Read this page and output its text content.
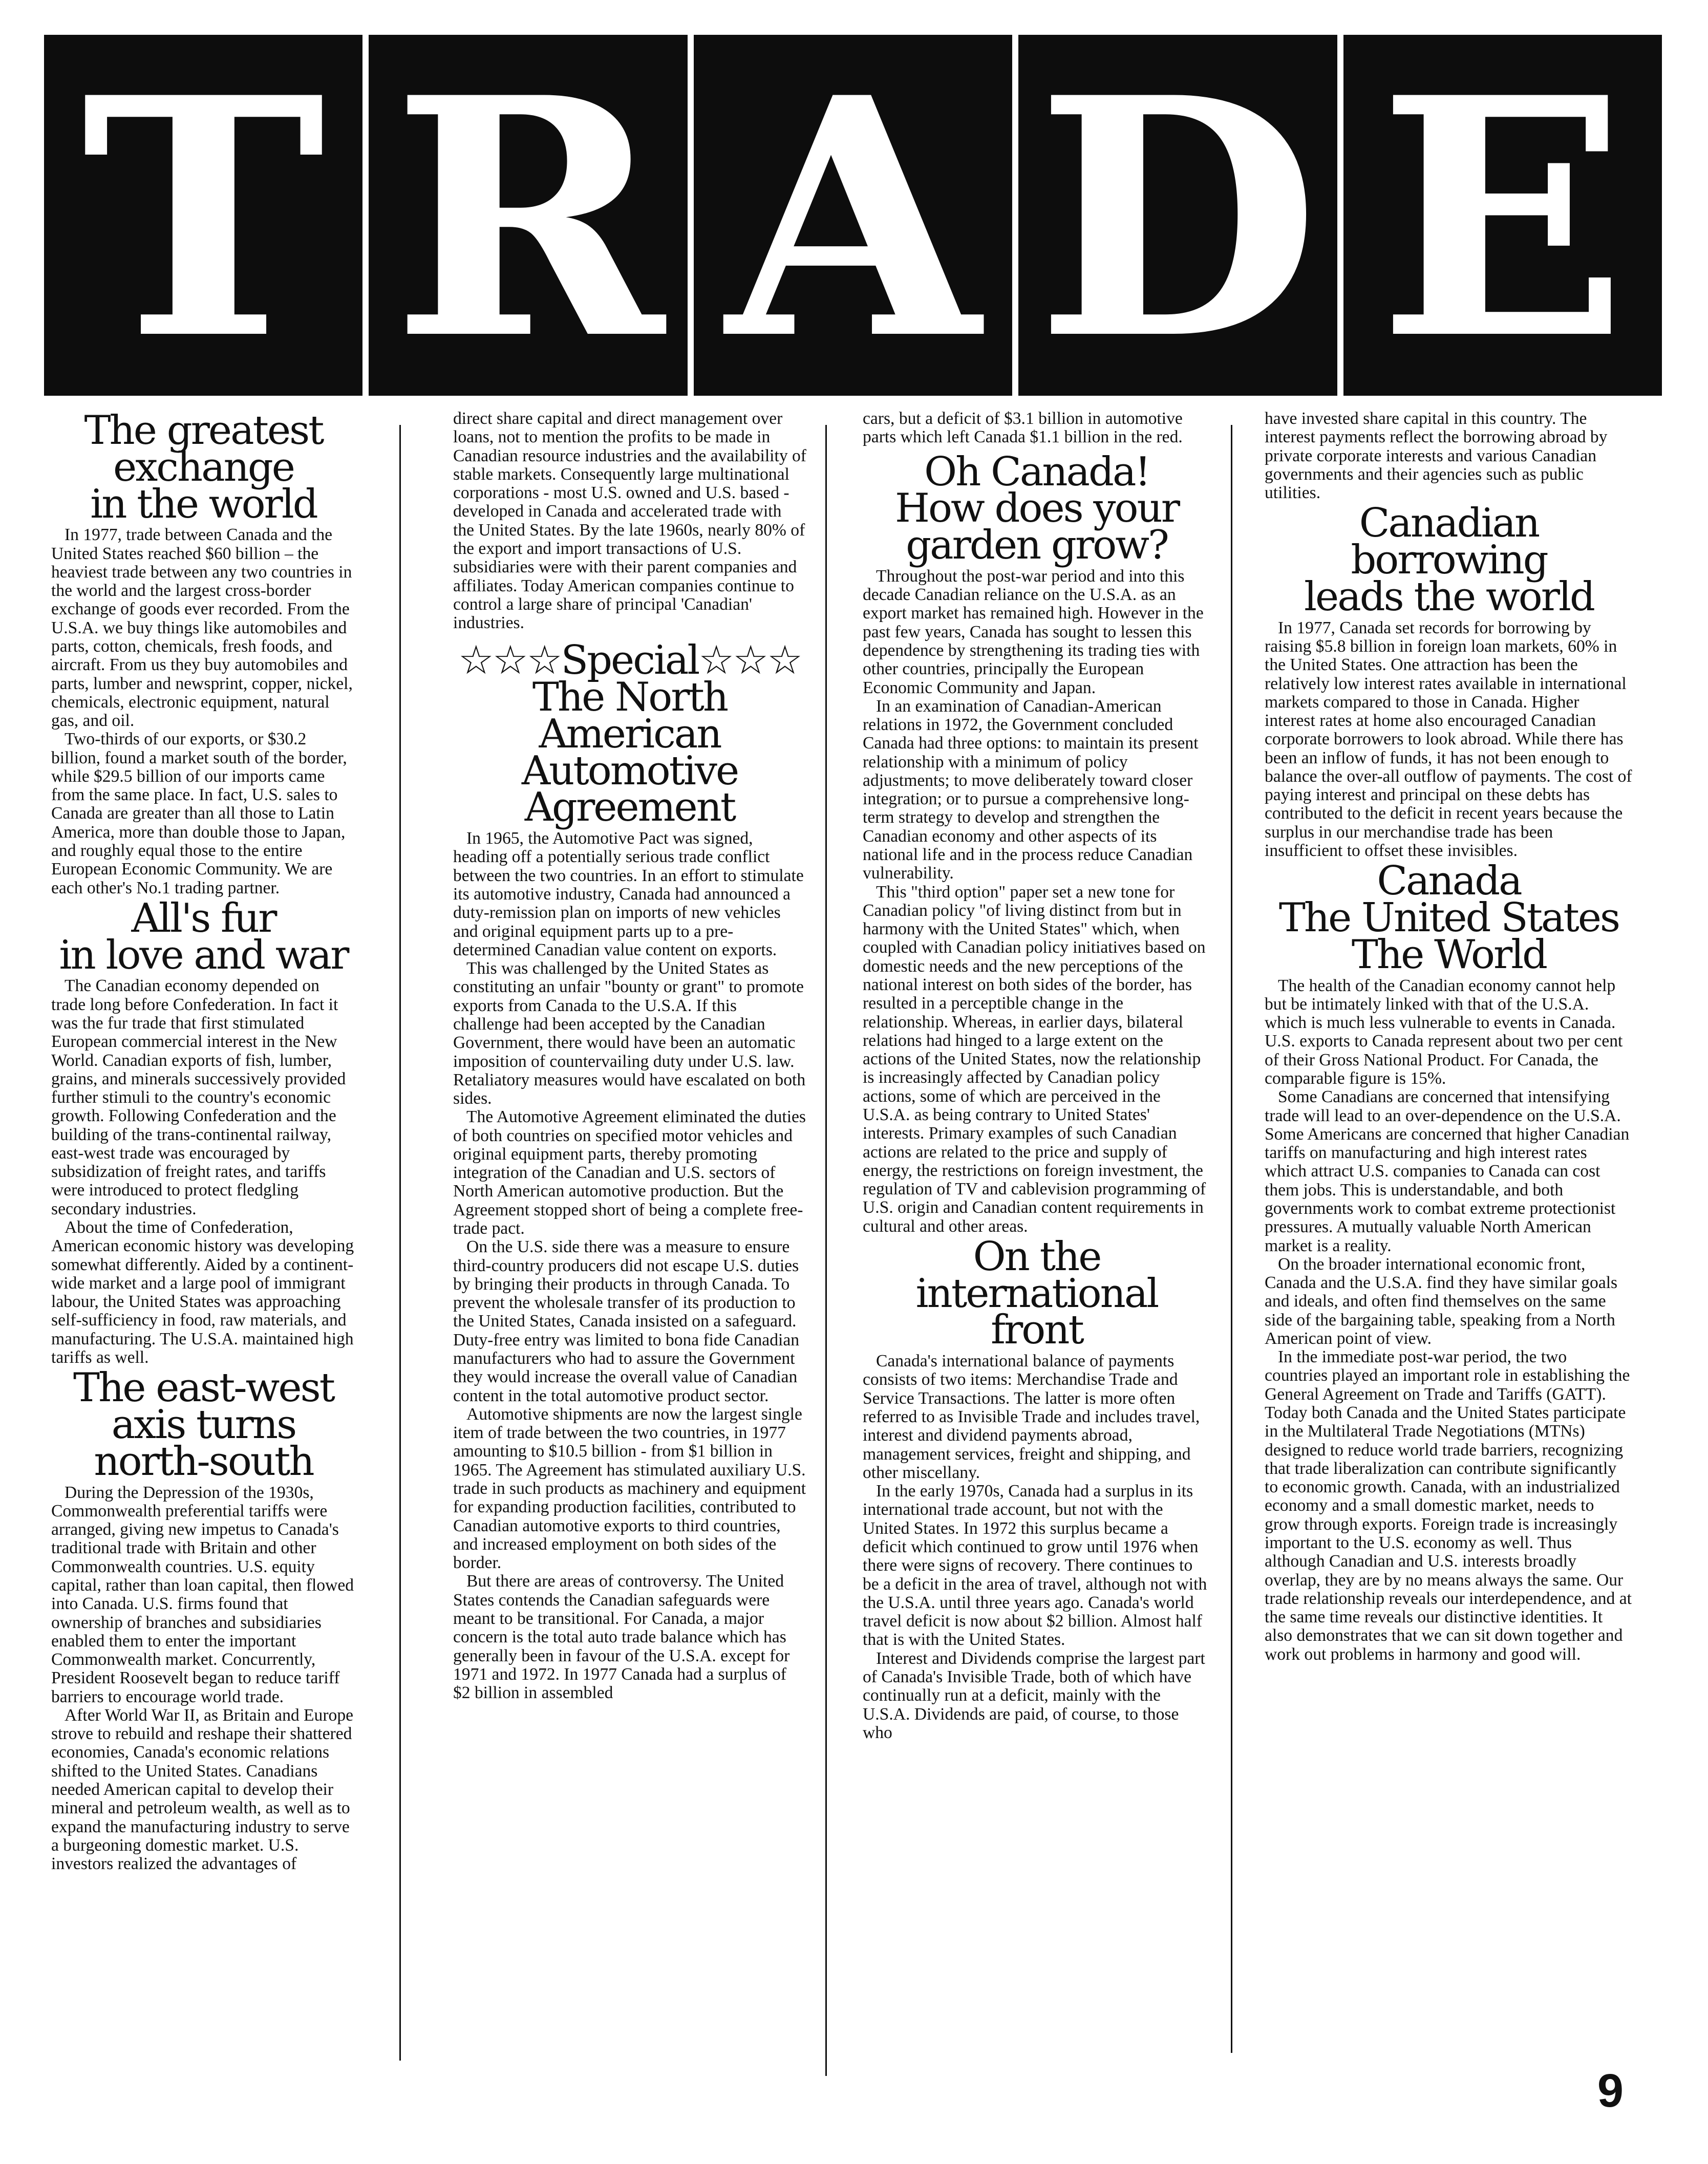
T R A D E
The greatest
exchange
in the world
In 1977, trade between Canada and the United States reached $60 billion – the heaviest trade between any two countries in the world and the largest cross-border exchange of goods ever recorded. From the U.S.A. we buy things like automobiles and parts, cotton, chemicals, fresh foods, and aircraft. From us they buy automobiles and parts, lumber and newsprint, copper, nickel, chemicals, electronic equipment, natural gas, and oil.
Two-thirds of our exports, or $30.2 billion, found a market south of the border, while $29.5 billion of our imports came from the same place. In fact, U.S. sales to Canada are greater than all those to Latin America, more than double those to Japan, and roughly equal those to the entire European Economic Community. We are each other's No.1 trading partner.
All's fur
in love and war
The Canadian economy depended on trade long before Confederation. In fact it was the fur trade that first stimulated European commercial interest in the New World. Canadian exports of fish, lumber, grains, and minerals successively provided further stimuli to the country's economic growth. Following Confederation and the building of the trans-continental railway, east-west trade was encouraged by subsidization of freight rates, and tariffs were introduced to protect fledgling secondary industries.
About the time of Confederation, American economic history was developing somewhat differently. Aided by a continent-wide market and a large pool of immigrant labour, the United States was approaching self-sufficiency in food, raw materials, and manufacturing. The U.S.A. maintained high tariffs as well.
The east-west
axis turns
north-south
During the Depression of the 1930s, Commonwealth preferential tariffs were arranged, giving new impetus to Canada's traditional trade with Britain and other Commonwealth countries. U.S. equity capital, rather than loan capital, then flowed into Canada. U.S. firms found that ownership of branches and subsidiaries enabled them to enter the important Commonwealth market. Concurrently, President Roosevelt began to reduce tariff barriers to encourage world trade.
After World War II, as Britain and Europe strove to rebuild and reshape their shattered economies, Canada's economic relations shifted to the United States. Canadians needed American capital to develop their mineral and petroleum wealth, as well as to expand the manufacturing industry to serve a burgeoning domestic market. U.S. investors realized the advantages of
direct share capital and direct management over loans, not to mention the profits to be made in Canadian resource industries and the availability of stable markets. Consequently large multinational corporations - most U.S. owned and U.S. based - developed in Canada and accelerated trade with the United States. By the late 1960s, nearly 80% of the export and import transactions of U.S. subsidiaries were with their parent companies and affiliates. Today American companies continue to control a large share of principal 'Canadian' industries.
☆☆☆Special☆☆☆
The North
American
Automotive
Agreement
In 1965, the Automotive Pact was signed, heading off a potentially serious trade conflict between the two countries. In an effort to stimulate its automotive industry, Canada had announced a duty-remission plan on imports of new vehicles and original equipment parts up to a pre-determined Canadian value content on exports.
This was challenged by the United States as constituting an unfair "bounty or grant" to promote exports from Canada to the U.S.A. If this challenge had been accepted by the Canadian Government, there would have been an automatic imposition of countervailing duty under U.S. law. Retaliatory measures would have escalated on both sides.
The Automotive Agreement eliminated the duties of both countries on specified motor vehicles and original equipment parts, thereby promoting integration of the Canadian and U.S. sectors of North American automotive production. But the Agreement stopped short of being a complete free-trade pact.
On the U.S. side there was a measure to ensure third-country producers did not escape U.S. duties by bringing their products in through Canada. To prevent the wholesale transfer of its production to the United States, Canada insisted on a safeguard. Duty-free entry was limited to bona fide Canadian manufacturers who had to assure the Government they would increase the overall value of Canadian content in the total automotive product sector.
Automotive shipments are now the largest single item of trade between the two countries, in 1977 amounting to $10.5 billion - from $1 billion in 1965. The Agreement has stimulated auxiliary U.S. trade in such products as machinery and equipment for expanding production facilities, contributed to Canadian automotive exports to third countries, and increased employment on both sides of the border.
But there are areas of controversy. The United States contends the Canadian safeguards were meant to be transitional. For Canada, a major concern is the total auto trade balance which has generally been in favour of the U.S.A. except for 1971 and 1972. In 1977 Canada had a surplus of $2 billion in assembled
cars, but a deficit of $3.1 billion in automotive parts which left Canada $1.1 billion in the red.
Oh Canada!
How does your
garden grow?
Throughout the post-war period and into this decade Canadian reliance on the U.S.A. as an export market has remained high. However in the past few years, Canada has sought to lessen this dependence by strengthening its trading ties with other countries, principally the European Economic Community and Japan.
In an examination of Canadian-American relations in 1972, the Government concluded Canada had three options: to maintain its present relationship with a minimum of policy adjustments; to move deliberately toward closer integration; or to pursue a comprehensive long-term strategy to develop and strengthen the Canadian economy and other aspects of its national life and in the process reduce Canadian vulnerability.
This "third option" paper set a new tone for Canadian policy "of living distinct from but in harmony with the United States" which, when coupled with Canadian policy initiatives based on domestic needs and the new perceptions of the national interest on both sides of the border, has resulted in a perceptible change in the relationship. Whereas, in earlier days, bilateral relations had hinged to a large extent on the actions of the United States, now the relationship is increasingly affected by Canadian policy actions, some of which are perceived in the U.S.A. as being contrary to United States' interests. Primary examples of such Canadian actions are related to the price and supply of energy, the restrictions on foreign investment, the regulation of TV and cablevision programming of U.S. origin and Canadian content requirements in cultural and other areas.
On the
international
front
Canada's international balance of payments consists of two items: Merchandise Trade and Service Transactions. The latter is more often referred to as Invisible Trade and includes travel, interest and dividend payments abroad, management services, freight and shipping, and other miscellany.
In the early 1970s, Canada had a surplus in its international trade account, but not with the United States. In 1972 this surplus became a deficit which continued to grow until 1976 when there were signs of recovery. There continues to be a deficit in the area of travel, although not with the U.S.A. until three years ago. Canada's world travel deficit is now about $2 billion. Almost half that is with the United States.
Interest and Dividends comprise the largest part of Canada's Invisible Trade, both of which have continually run at a deficit, mainly with the U.S.A. Dividends are paid, of course, to those who
have invested share capital in this country. The interest payments reflect the borrowing abroad by private corporate interests and various Canadian governments and their agencies such as public utilities.
Canadian
borrowing
leads the world
In 1977, Canada set records for borrowing by raising $5.8 billion in foreign loan markets, 60% in the United States. One attraction has been the relatively low interest rates available in international markets compared to those in Canada. Higher interest rates at home also encouraged Canadian corporate borrowers to look abroad. While there has been an inflow of funds, it has not been enough to balance the over-all outflow of payments. The cost of paying interest and principal on these debts has contributed to the deficit in recent years because the surplus in our merchandise trade has been insufficient to offset these invisibles.
Canada
The United States
The World
The health of the Canadian economy cannot help but be intimately linked with that of the U.S.A. which is much less vulnerable to events in Canada. U.S. exports to Canada represent about two per cent of their Gross National Product. For Canada, the comparable figure is 15%.
Some Canadians are concerned that intensifying trade will lead to an over-dependence on the U.S.A. Some Americans are concerned that higher Canadian tariffs on manufacturing and high interest rates which attract U.S. companies to Canada can cost them jobs. This is understandable, and both governments work to combat extreme protectionist pressures. A mutually valuable North American market is a reality.
On the broader international economic front, Canada and the U.S.A. find they have similar goals and ideals, and often find themselves on the same side of the bargaining table, speaking from a North American point of view.
In the immediate post-war period, the two countries played an important role in establishing the General Agreement on Trade and Tariffs (GATT). Today both Canada and the United States participate in the Multilateral Trade Negotiations (MTNs) designed to reduce world trade barriers, recognizing that trade liberalization can contribute significantly to economic growth. Canada, with an industrialized economy and a small domestic market, needs to grow through exports. Foreign trade is increasingly important to the U.S. economy as well. Thus although Canadian and U.S. interests broadly overlap, they are by no means always the same. Our trade relationship reveals our interdependence, and at the same time reveals our distinctive identities. It also demonstrates that we can sit down together and work out problems in harmony and good will.
9
